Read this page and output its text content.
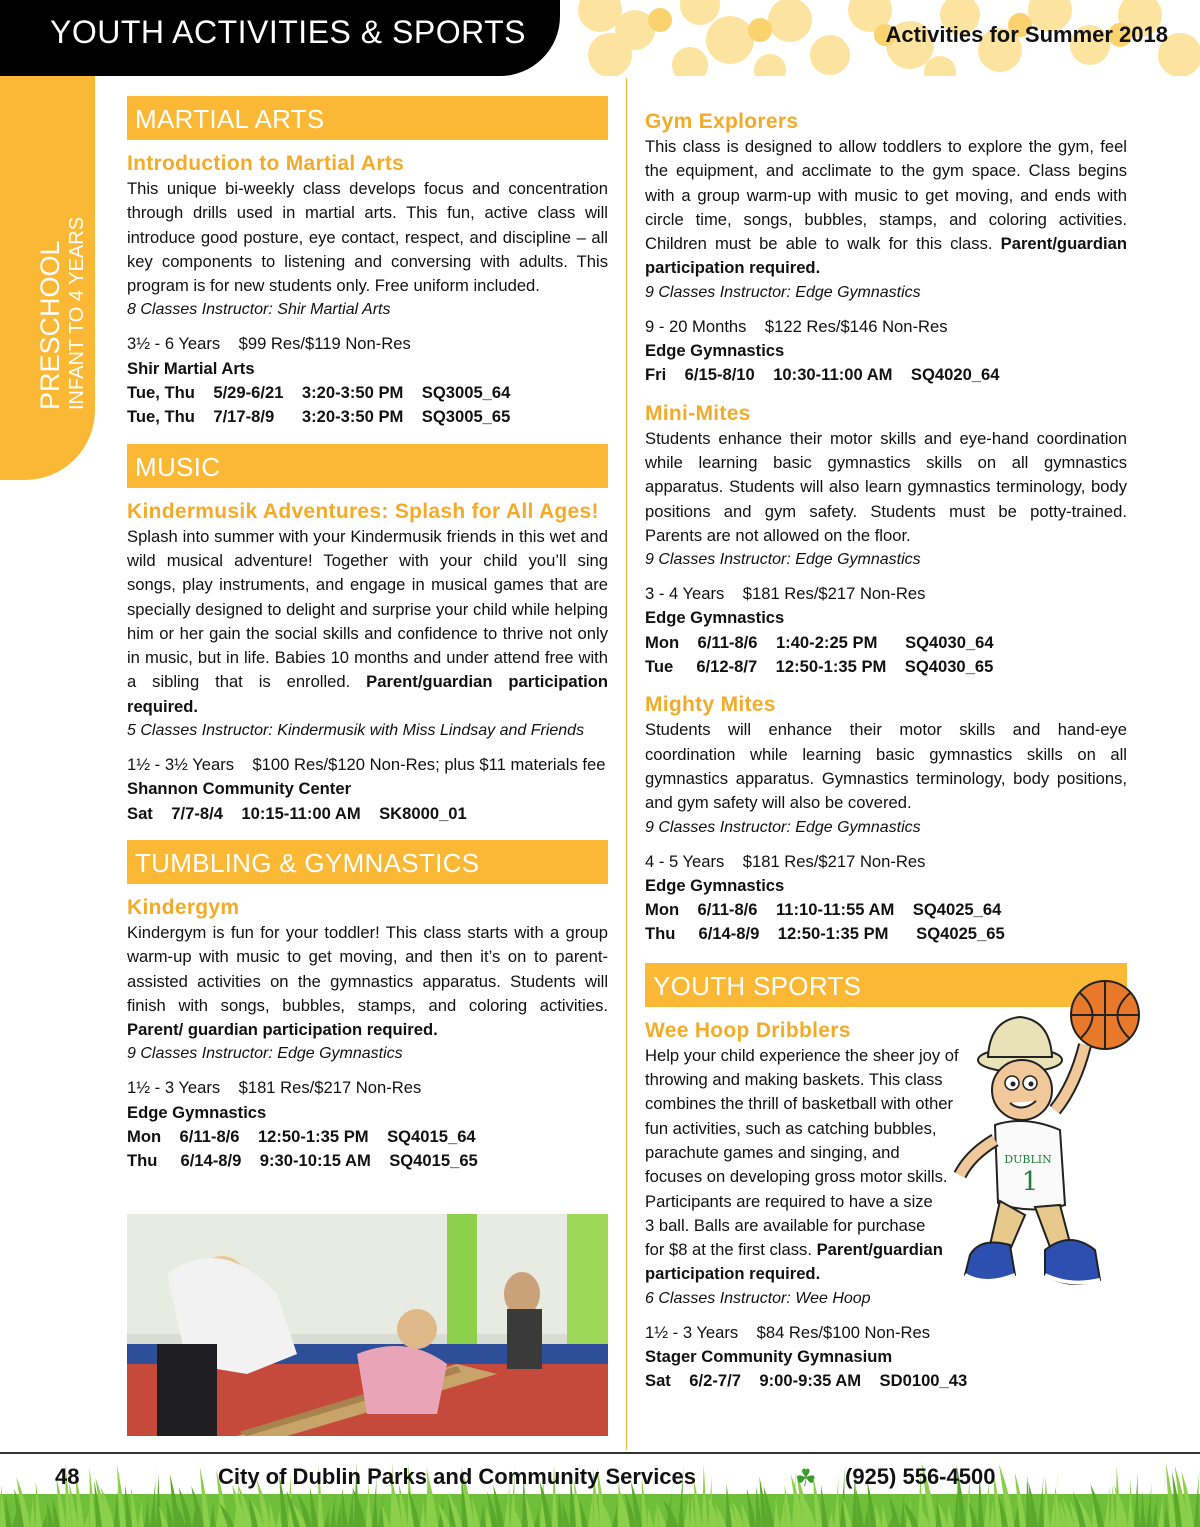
YOUTH ACTIVITIES & SPORTS	Activities for Summer 2018
PRESCHOOL INFANT TO 4 YEARS
MARTIAL ARTS
Introduction to Martial Arts

This unique bi-weekly class develops focus and concentration through drills used in martial arts. This fun, active class will introduce good posture, eye contact, respect, and discipline – all key components to listening and conversing with adults. This program is for new students only. Free uniform included.

8 Classes Instructor: Shir Martial Arts

3½ - 6 Years    $99 Res/$119 Non-Res

Shir Martial Arts

Tue, Thu    5/29-6/21    3:20-3:50 PM    SQ3005_64

Tue, Thu    7/17-8/9      3:20-3:50 PM    SQ3005_65

MUSIC
Kindermusik Adventures: Splash for All Ages!

Splash into summer with your Kindermusik friends in this wet and wild musical adventure! Together with your child you’ll sing songs, play instruments, and engage in musical games that are specially designed to delight and surprise your child while helping him or her gain the social skills and confidence to thrive not only in music, but in life. Babies 10 months and under attend free with a sibling that is enrolled. Parent/guardian participation required.

5 Classes Instructor: Kindermusik with Miss Lindsay and Friends

1½ - 3½ Years    $100 Res/$120 Non-Res; plus $11 materials fee

Shannon Community Center

Sat    7/7-8/4    10:15-11:00 AM    SK8000_01

TUMBLING & GYMNASTICS
Kindergym

Kindergym is fun for your toddler! This class starts with a group warm-up with music to get moving, and then it’s on to parent-assisted activities on the gymnastics apparatus. Students will finish with songs, bubbles, stamps, and coloring activities. Parent/ guardian participation required.

9 Classes Instructor: Edge Gymnastics

1½ - 3 Years    $181 Res/$217 Non-Res

Edge Gymnastics

Mon    6/11-8/6    12:50-1:35 PM    SQ4015_64

Thu     6/14-8/9    9:30-10:15 AM    SQ4015_65

Gym Explorers

This class is designed to allow toddlers to explore the gym, feel the equipment, and acclimate to the gym space. Class begins with a group warm-up with music to get moving, and ends with circle time, songs, bubbles, stamps, and coloring activities. Children must be able to walk for this class. Parent/guardian participation required.

9 Classes Instructor: Edge Gymnastics

9 - 20 Months    $122 Res/$146 Non-Res

Edge Gymnastics

Fri    6/15-8/10    10:30-11:00 AM    SQ4020_64

Mini-Mites

Students enhance their motor skills and eye-hand coordination while learning basic gymnastics skills on all gymnastics apparatus. Students will also learn gymnastics terminology, body positions and gym safety. Students must be potty-trained. Parents are not allowed on the floor.

9 Classes Instructor: Edge Gymnastics

3 - 4 Years    $181 Res/$217 Non-Res

Edge Gymnastics

Mon    6/11-8/6    1:40-2:25 PM      SQ4030_64

Tue     6/12-8/7    12:50-1:35 PM    SQ4030_65

Mighty Mites

Students will enhance their motor skills and hand-eye coordination while learning basic gymnastics skills on all gymnastics apparatus. Gymnastics terminology, body positions, and gym safety will also be covered.

9 Classes Instructor: Edge Gymnastics

4 - 5 Years    $181 Res/$217 Non-Res

Edge Gymnastics

Mon    6/11-8/6    11:10-11:55 AM    SQ4025_64

Thu     6/14-8/9    12:50-1:35 PM      SQ4025_65

YOUTH SPORTS
Wee Hoop Dribblers

Help your child experience the sheer joy of

throwing and making baskets. This class

combines the thrill of basketball with other

fun activities, such as catching bubbles,

parachute games and singing, and

focuses on developing gross motor skills.

Participants are required to have a size

3 ball. Balls are available for purchase

for $8 at the first class. Parent/guardian

participation required.

6 Classes Instructor: Wee Hoop

1½ - 3 Years    $84 Res/$100 Non-Res

Stager Community Gymnasium

Sat    6/2-7/7    9:00-9:35 AM    SD0100_43

DUBLIN
1
48	City of Dublin Parks and Community Services	☘ (925) 556-4500
